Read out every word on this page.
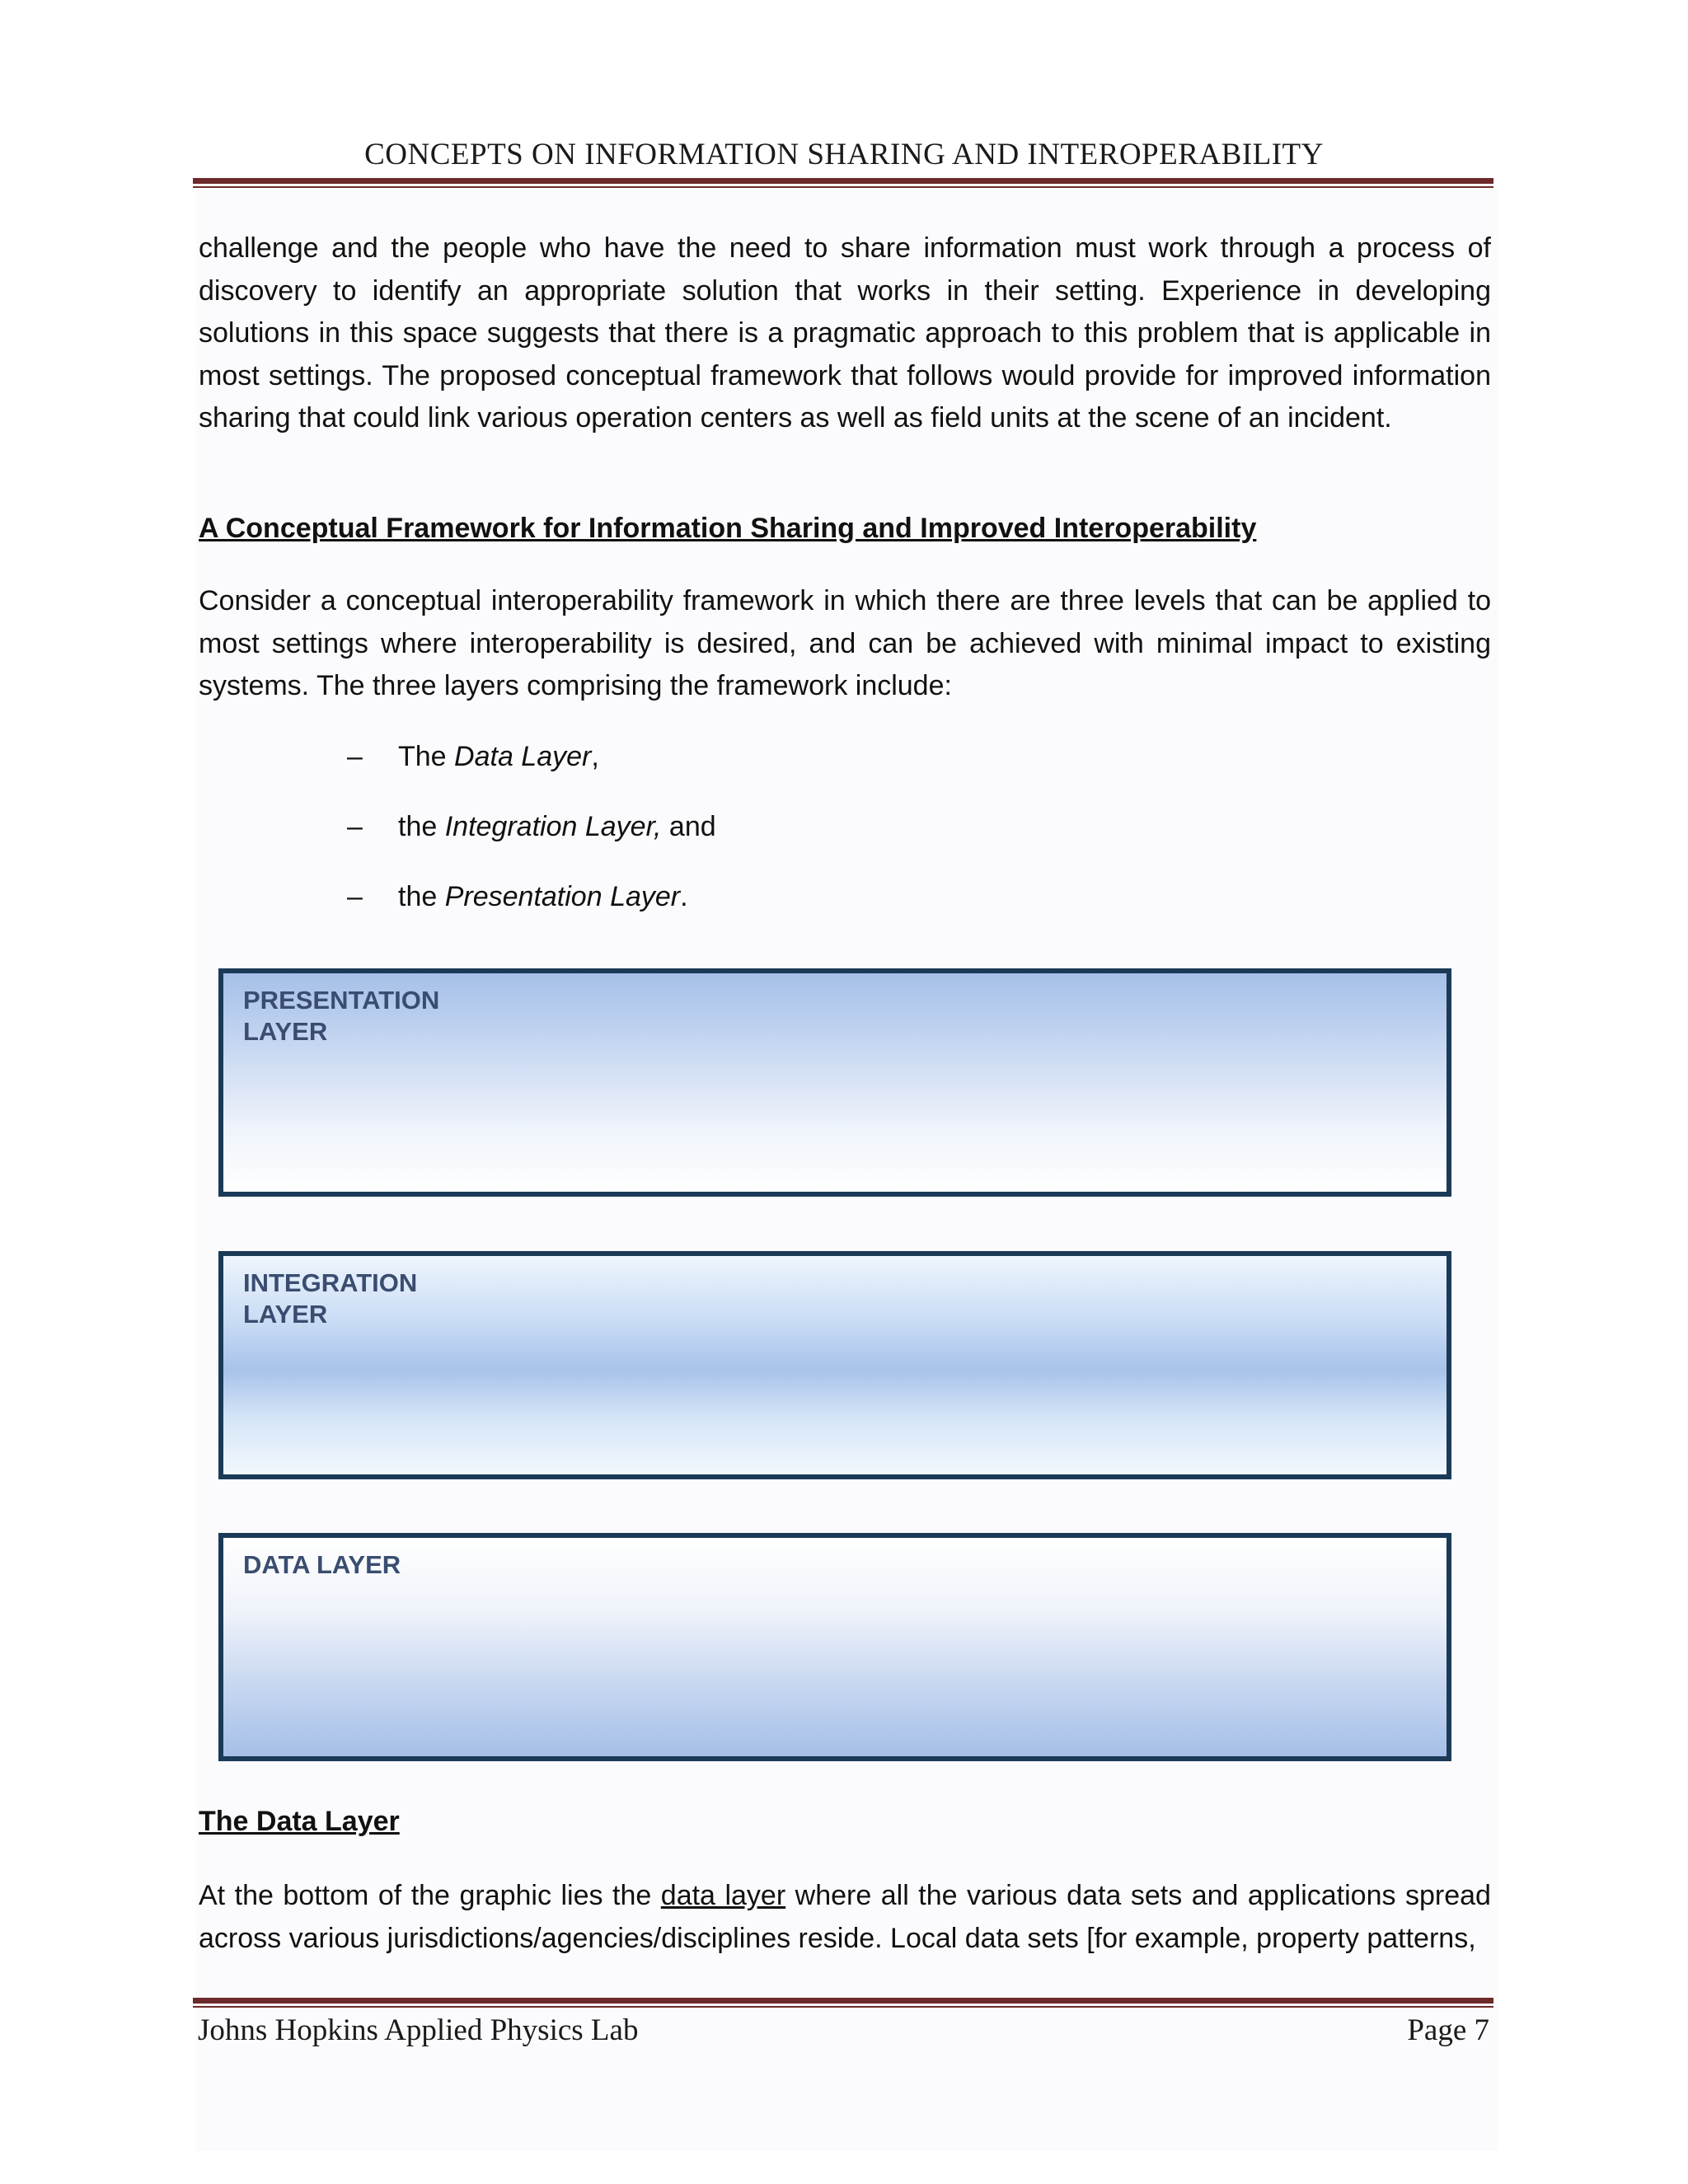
CONCEPTS ON INFORMATION SHARING AND INTEROPERABILITY

challenge and the people who have the need to share information must work through a process of discovery to identify an appropriate solution that works in their setting. Experience in developing solutions in this space suggests that there is a pragmatic approach to this problem that is applicable in most settings. The proposed conceptual framework that follows would provide for improved information sharing that could link various operation centers as well as field units at the scene of an incident.

A Conceptual Framework for Information Sharing and Improved Interoperability

Consider a conceptual interoperability framework in which there are three levels that can be applied to most settings where interoperability is desired, and can be achieved with minimal impact to existing systems. The three layers comprising the framework include:

– The Data Layer,
– the Integration Layer, and
– the Presentation Layer.
PRESENTATION
LAYER
INTEGRATION
LAYER
DATA LAYER
The Data Layer

At the bottom of the graphic lies the data layer where all the various data sets and applications spread across various jurisdictions/agencies/disciplines reside. Local data sets [for example, property patterns,

Johns Hopkins Applied Physics Lab	Page 7
